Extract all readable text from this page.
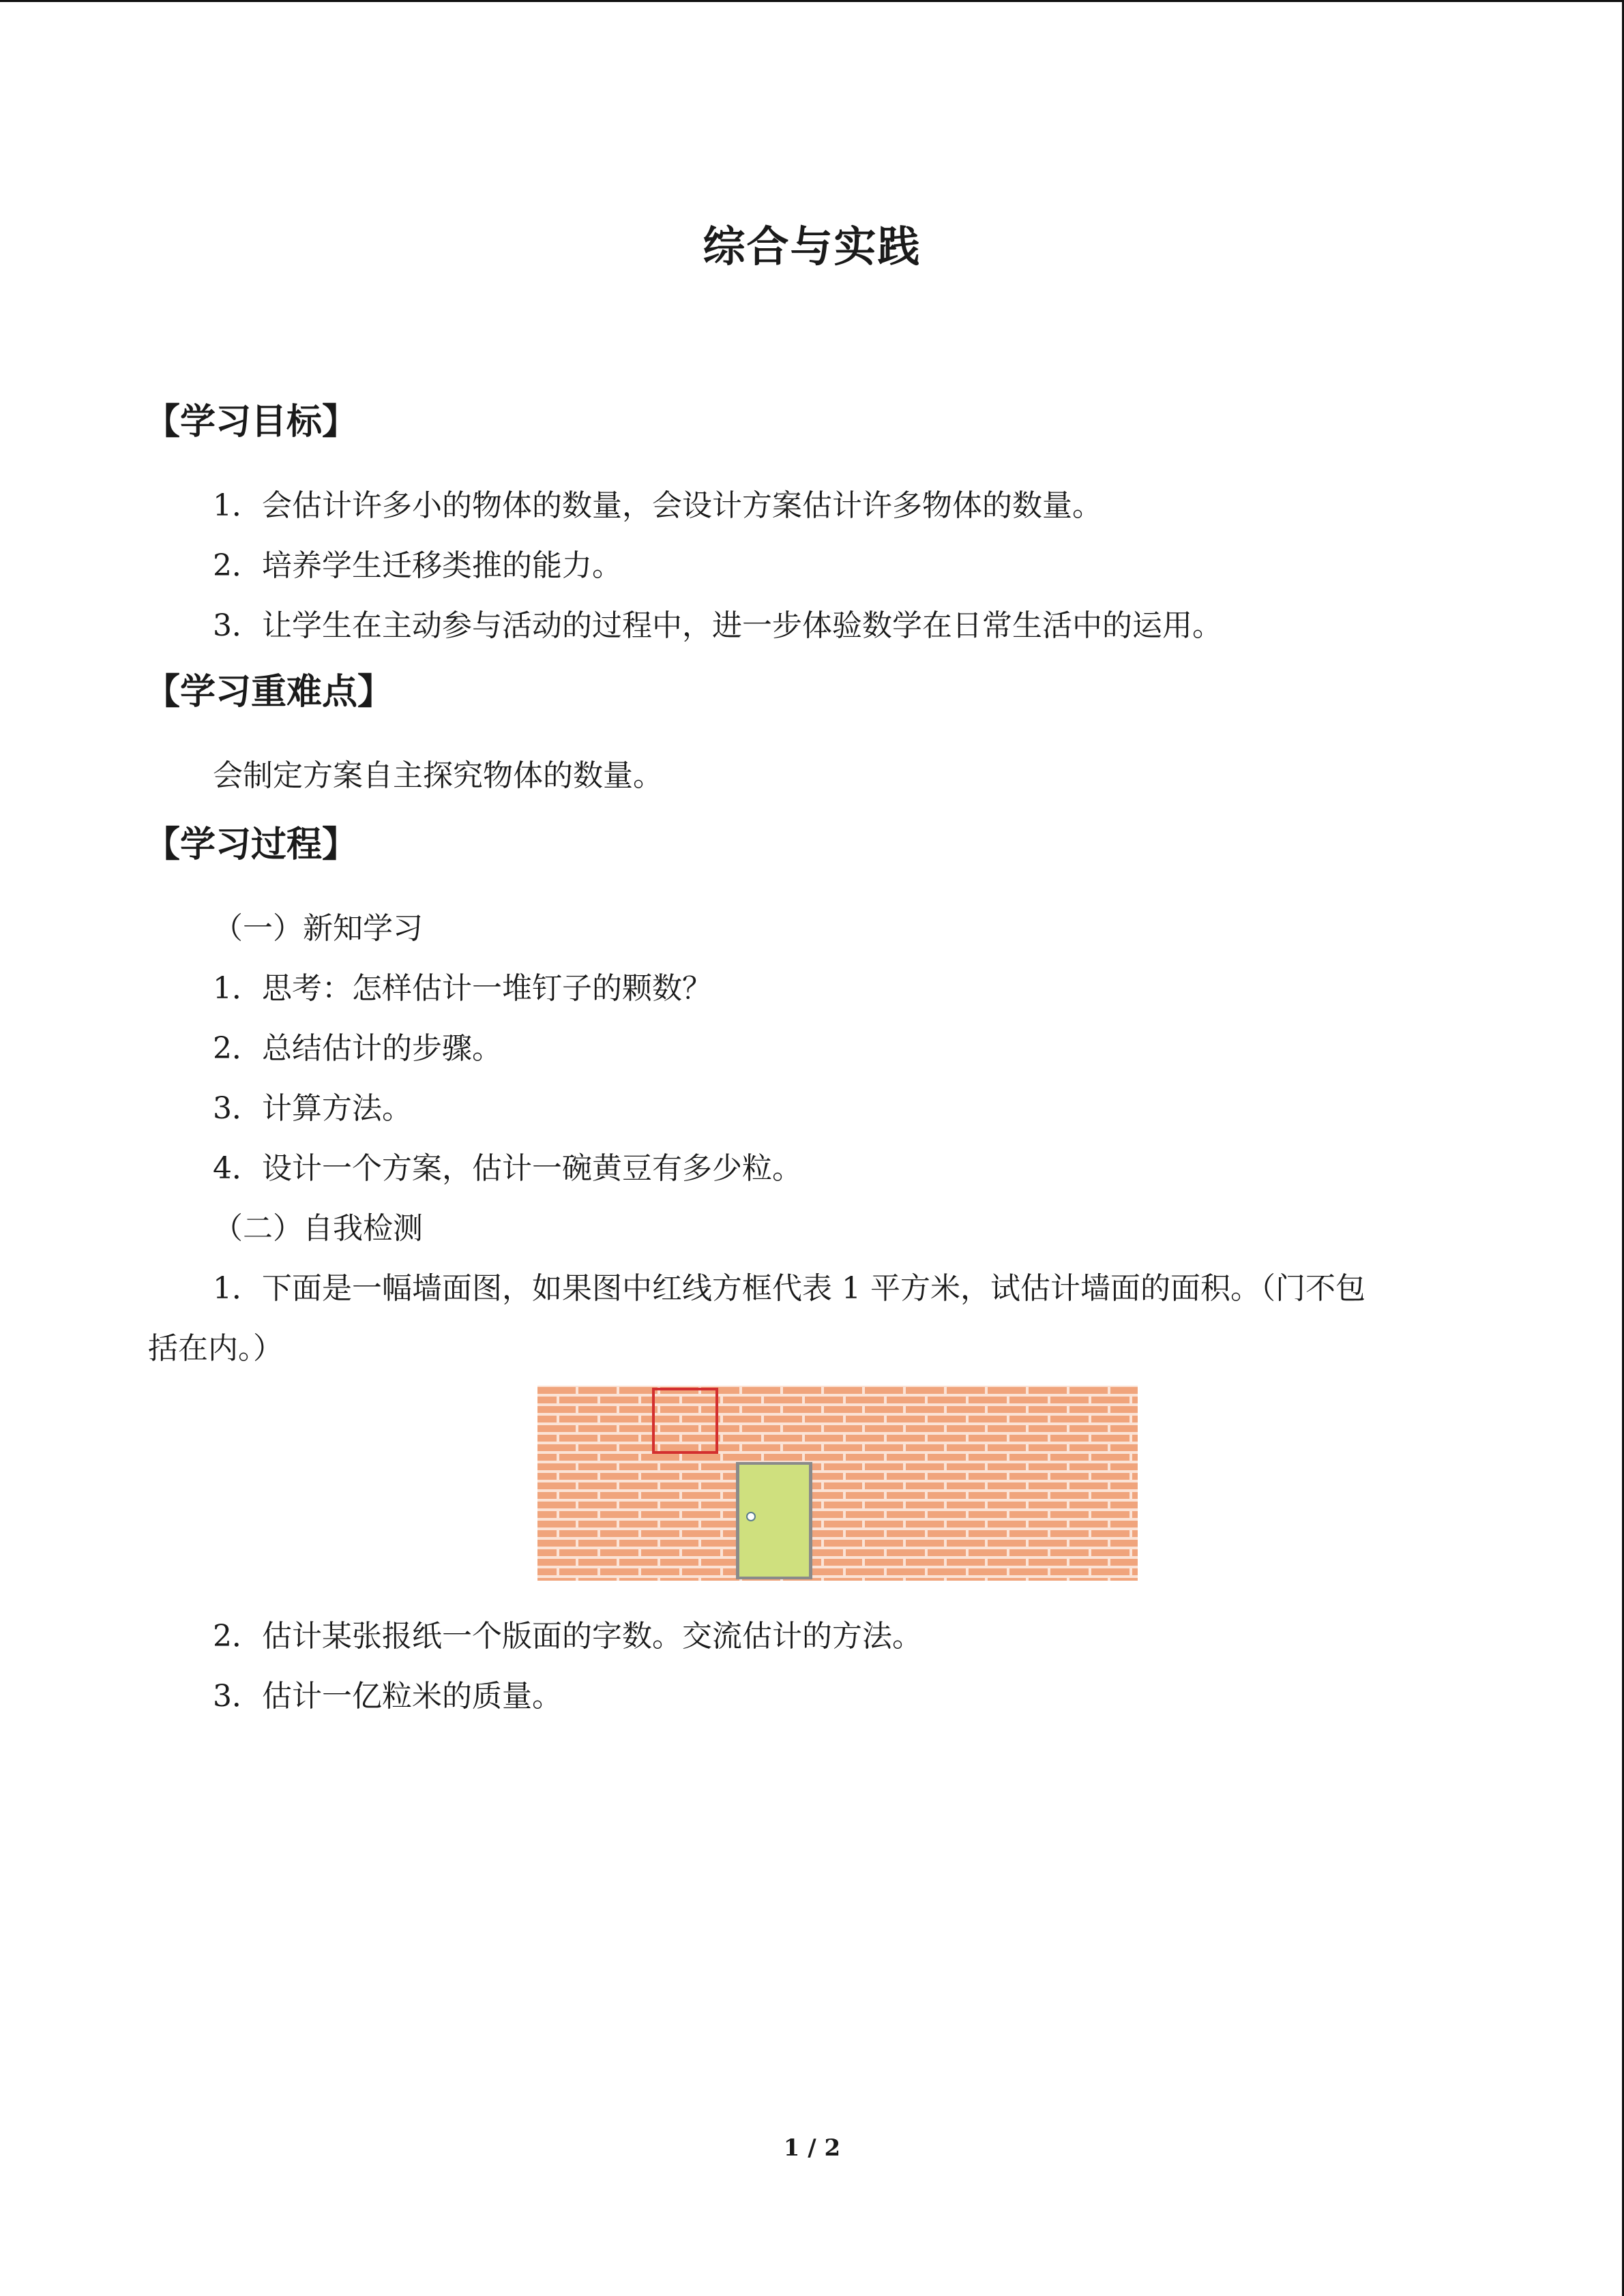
综合与实践
【学习目标】
1．会估计许多小的物体的数量，会设计方案估计许多物体的数量。
2．培养学生迁移类推的能力。
3．让学生在主动参与活动的过程中，进一步体验数学在日常生活中的运用。
【学习重难点】
会制定方案自主探究物体的数量。
【学习过程】
（一）新知学习
1．思考：怎样估计一堆钉子的颗数？
2．总结估计的步骤。
3．计算方法。
4．设计一个方案，估计一碗黄豆有多少粒。
（二）自我检测
1．下面是一幅墙面图，如果图中红线方框代表 1 平方米，试估计墙面的面积。（门不包
括在内。）
2．估计某张报纸一个版面的字数。交流估计的方法。
3．估计一亿粒米的质量。
1 / 2
